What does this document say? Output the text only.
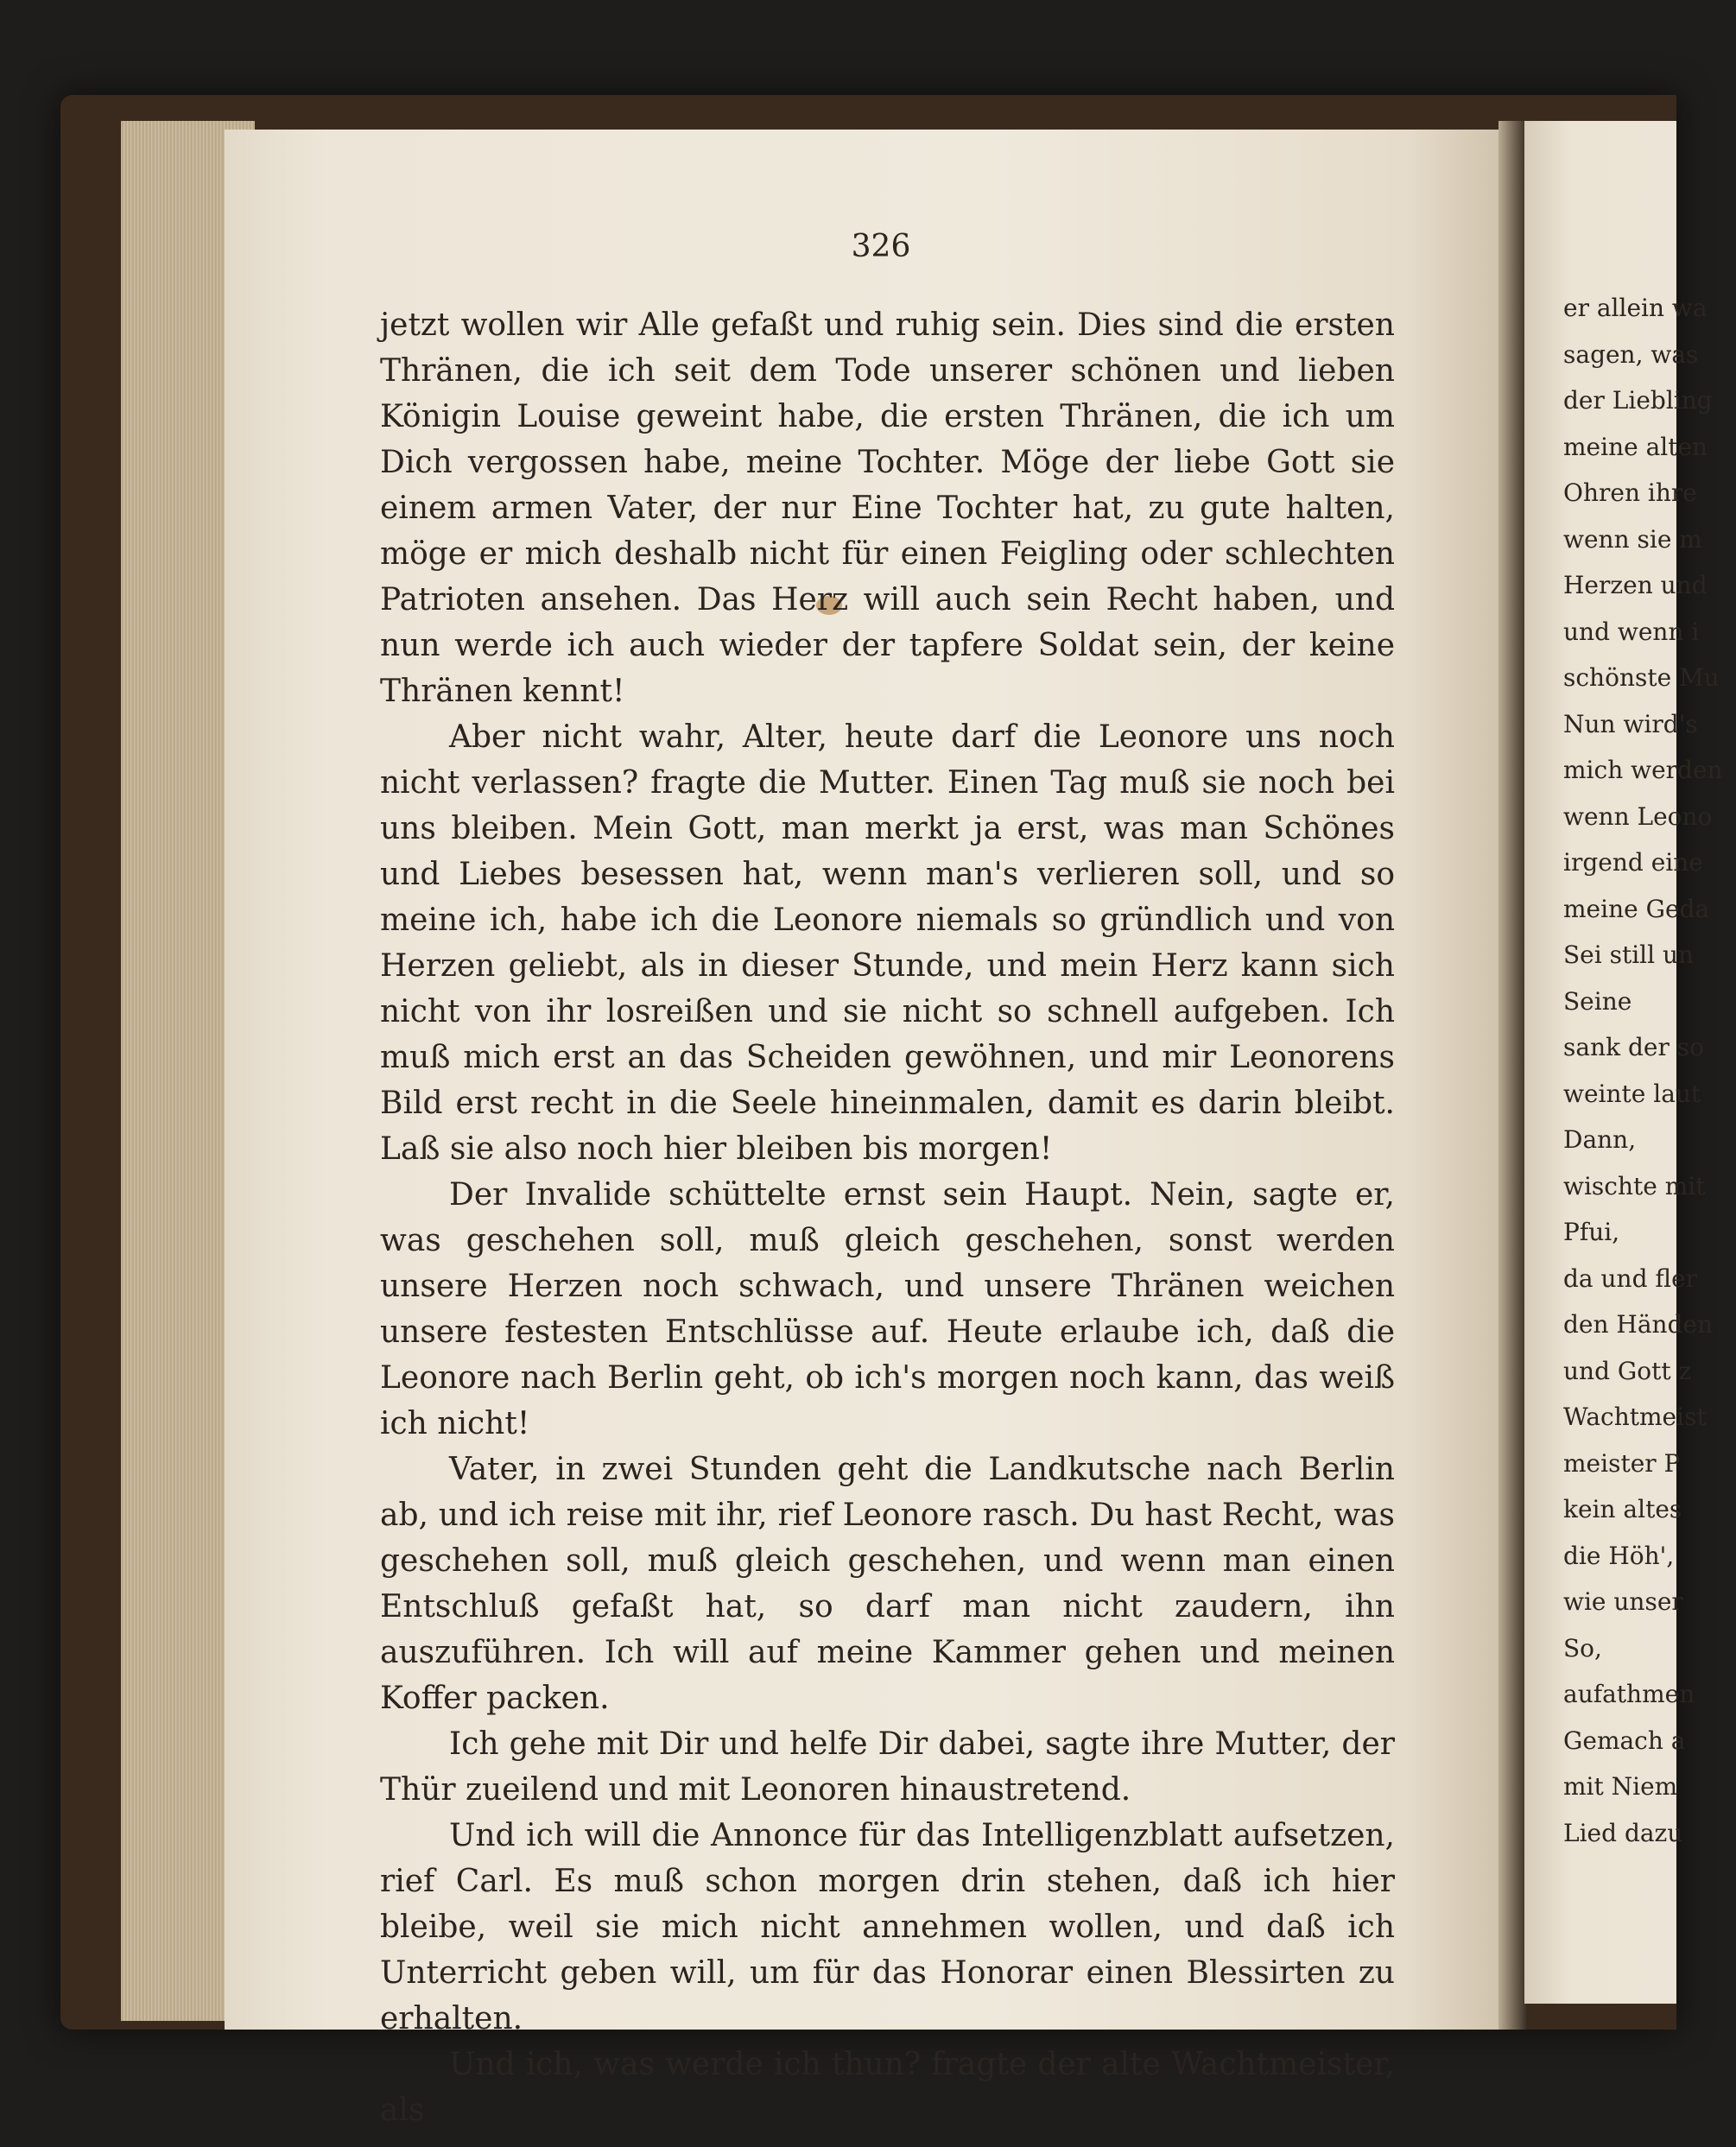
326

jetzt wollen wir Alle gefaßt und ruhig sein. Dies sind die ersten Thränen, die ich seit dem Tode unserer schönen und lieben Königin Louise geweint habe, die ersten Thränen, die ich um Dich vergossen habe, meine Tochter. Möge der liebe Gott sie einem armen Vater, der nur Eine Tochter hat, zu gute halten, möge er mich deshalb nicht für einen Feigling oder schlechten Patrioten ansehen. Das Herz will auch sein Recht haben, und nun werde ich auch wieder der tapfere Soldat sein, der keine Thränen kennt!

Aber nicht wahr, Alter, heute darf die Leonore uns noch nicht verlassen? fragte die Mutter. Einen Tag muß sie noch bei uns bleiben. Mein Gott, man merkt ja erst, was man Schönes und Liebes besessen hat, wenn man's verlieren soll, und so meine ich, habe ich die Leonore niemals so gründlich und von Herzen geliebt, als in dieser Stunde, und mein Herz kann sich nicht von ihr losreißen und sie nicht so schnell aufgeben. Ich muß mich erst an das Scheiden gewöhnen, und mir Leonorens Bild erst recht in die Seele hineinmalen, damit es darin bleibt. Laß sie also noch hier bleiben bis morgen!

Der Invalide schüttelte ernst sein Haupt. Nein, sagte er, was geschehen soll, muß gleich geschehen, sonst werden unsere Herzen noch schwach, und unsere Thränen weichen unsere festesten Entschlüsse auf. Heute erlaube ich, daß die Leonore nach Berlin geht, ob ich's morgen noch kann, das weiß ich nicht!

Vater, in zwei Stunden geht die Landkutsche nach Berlin ab, und ich reise mit ihr, rief Leonore rasch. Du hast Recht, was geschehen soll, muß gleich geschehen, und wenn man einen Entschluß gefaßt hat, so darf man nicht zaudern, ihn auszuführen. Ich will auf meine Kammer gehen und meinen Koffer packen.

Ich gehe mit Dir und helfe Dir dabei, sagte ihre Mutter, der Thür zueilend und mit Leonoren hinaustretend.

Und ich will die Annonce für das Intelligenzblatt aufsetzen, rief Carl. Es muß schon morgen drin stehen, daß ich hier bleibe, weil sie mich nicht annehmen wollen, und daß ich Unterricht geben will, um für das Honorar einen Blessirten zu erhalten.

Und ich, was werde ich thun? fragte der alte Wachtmeister, als

er allein wa
sagen, was
der Liebling
meine alten
Ohren ihre
wenn sie m
Herzen und
und wenn i
schönste Mu
Nun wird's
mich werden
wenn Leono
irgend eine
meine Geda
Sei still un
Seine
sank der so
weinte laut
Dann,
wischte mit
Pfui,
da und fler
den Händen
und Gott z
Wachtmeist
meister P
kein altes
die Höh',
wie unser
So,
aufathmen
Gemach a
mit Niem
Lied dazu
